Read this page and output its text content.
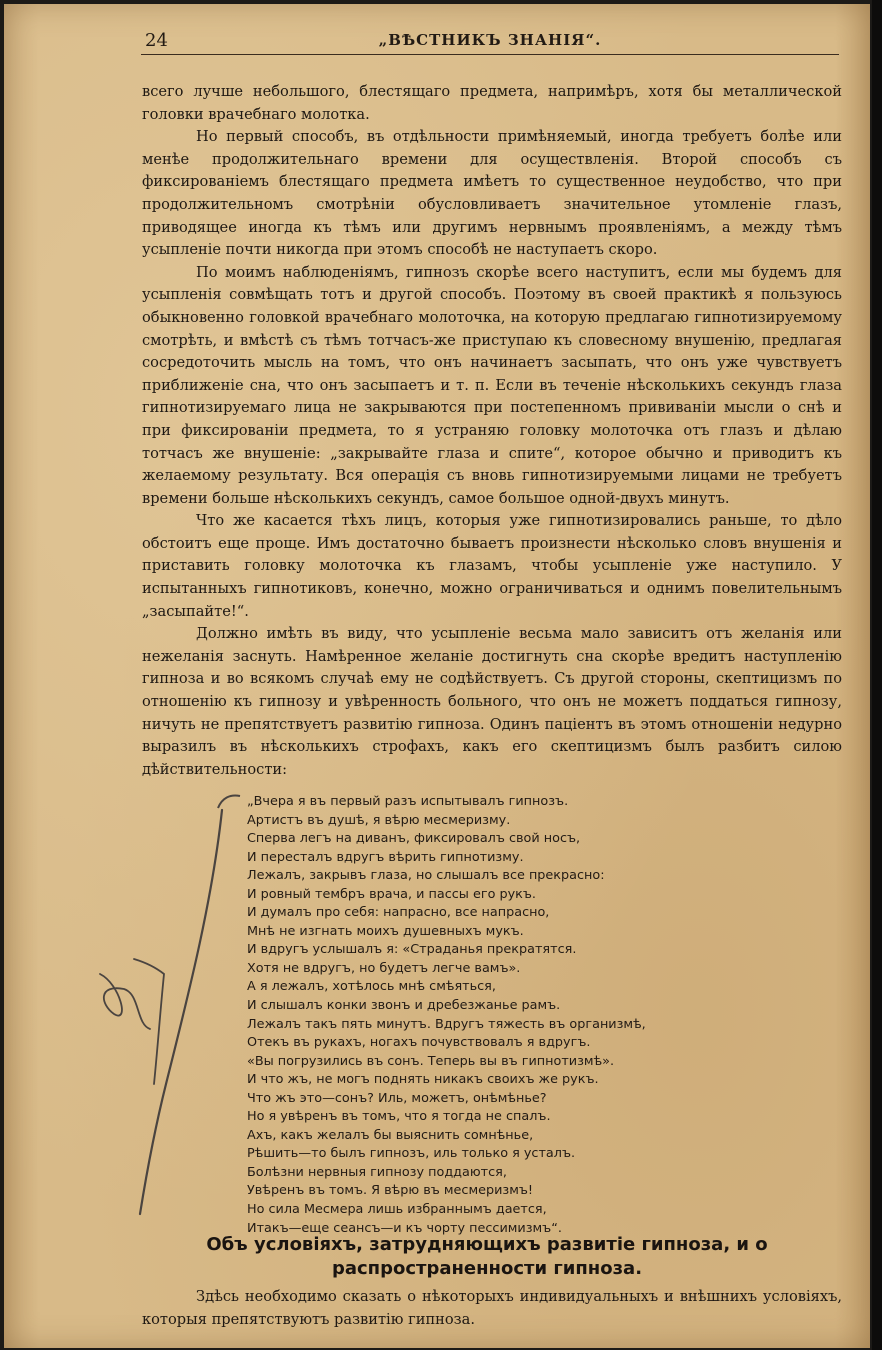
24	„ВѢСТНИКЪ ЗНАНІЯ“.

всего лучше небольшого, блестящаго предмета, напримѣръ, хотя бы металлической головки врачебнаго молотка.

Но первый способъ, въ отдѣльности примѣняемый, иногда требуетъ болѣе или менѣе продолжительнаго времени для осуществленія. Второй способъ съ фиксированіемъ блестящаго предмета имѣетъ то существенное неудобство, что при продолжительномъ смотрѣніи обусловливаетъ значительное утомленіе глазъ, приводящее иногда къ тѣмъ или другимъ нервнымъ проявленіямъ, а между тѣмъ усыпленіе почти никогда при этомъ способѣ не наступаетъ скоро.

По моимъ наблюденіямъ, гипнозъ скорѣе всего наступитъ, если мы будемъ для усыпленія совмѣщать тотъ и другой способъ. Поэтому въ своей практикѣ я пользуюсь обыкновенно головкой врачебнаго молоточка, на которую предлагаю гипнотизируемому смотрѣть, и вмѣстѣ съ тѣмъ тотчасъ-же приступаю къ словесному внушенію, предлагая сосредоточить мысль на томъ, что онъ начинаетъ засыпать, что онъ уже чувствуетъ приближеніе сна, что онъ засыпаетъ и т. п. Если въ теченіе нѣсколькихъ секундъ глаза гипнотизируемаго лица не закрываются при постепенномъ прививаніи мысли о снѣ и при фиксированіи предмета, то я устраняю головку молоточка отъ глазъ и дѣлаю тотчасъ же внушеніе: „закрывайте глаза и спите“, которое обычно и приводитъ къ желаемому результату. Вся операція съ вновь гипнотизируемыми лицами не требуетъ времени больше нѣсколькихъ секундъ, самое большое одной-двухъ минутъ.

Что же касается тѣхъ лицъ, которыя уже гипнотизировались раньше, то дѣло обстоитъ еще проще. Имъ достаточно бываетъ произнести нѣсколько словъ внушенія и приставить головку молоточка къ глазамъ, чтобы усыпленіе уже наступило. У испытанныхъ гипнотиковъ, конечно, можно ограничиваться и однимъ повелительнымъ „засыпайте!“.

Должно имѣть въ виду, что усыпленіе весьма мало зависитъ отъ желанія или нежеланія заснуть. Намѣренное желаніе достигнуть сна скорѣе вредитъ наступленію гипноза и во всякомъ случаѣ ему не содѣйствуетъ. Съ другой стороны, скептицизмъ по отношенію къ гипнозу и увѣренность больного, что онъ не можетъ поддаться гипнозу, ничуть не препятствуетъ развитію гипноза. Одинъ паціентъ въ этомъ отношеніи недурно выразилъ въ нѣсколькихъ строфахъ, какъ его скептицизмъ былъ разбитъ силою дѣйствительности:

„Вчера я въ первый разъ испытывалъ гипнозъ.
Артистъ въ душѣ, я вѣрю месмеризму.
Сперва легъ на диванъ, фиксировалъ свой носъ,
И пересталъ вдругъ вѣрить гипнотизму.
Лежалъ, закрывъ глаза, но слышалъ все прекрасно:
И ровный тембръ врача, и пассы его рукъ.
И думалъ про себя: напрасно, все напрасно,
Мнѣ не изгнать моихъ душевныхъ мукъ.
И вдругъ услышалъ я: «Страданья прекратятся.
Хотя не вдругъ, но будетъ легче вамъ».
А я лежалъ, хотѣлось мнѣ смѣяться,
И слышалъ конки звонъ и дребезжанье рамъ.
Лежалъ такъ пять минутъ. Вдругъ тяжесть въ организмѣ,
Отекъ въ рукахъ, ногахъ почувствовалъ я вдругъ.
«Вы погрузились въ сонъ. Теперь вы въ гипнотизмѣ».
И что жъ, не могъ поднять никакъ своихъ же рукъ.
Что жъ это—сонъ? Иль, можетъ, онѣмѣнье?
Но я увѣренъ въ томъ, что я тогда не спалъ.
Ахъ, какъ желалъ бы выяснить сомнѣнье,
Рѣшить—то былъ гипнозъ, иль только я усталъ.
Болѣзни нервныя гипнозу поддаются,
Увѣренъ въ томъ. Я вѣрю въ месмеризмъ!
Но сила Месмера лишь избраннымъ дается,
Итакъ—еще сеансъ—и къ чорту пессимизмъ“.
Объ условіяхъ, затрудняющихъ развитіе гипноза, и о распространенности гипноза.

Здѣсь необходимо сказать о нѣкоторыхъ индивидуальныхъ и внѣшнихъ условіяхъ, которыя препятствуютъ развитію гипноза.
